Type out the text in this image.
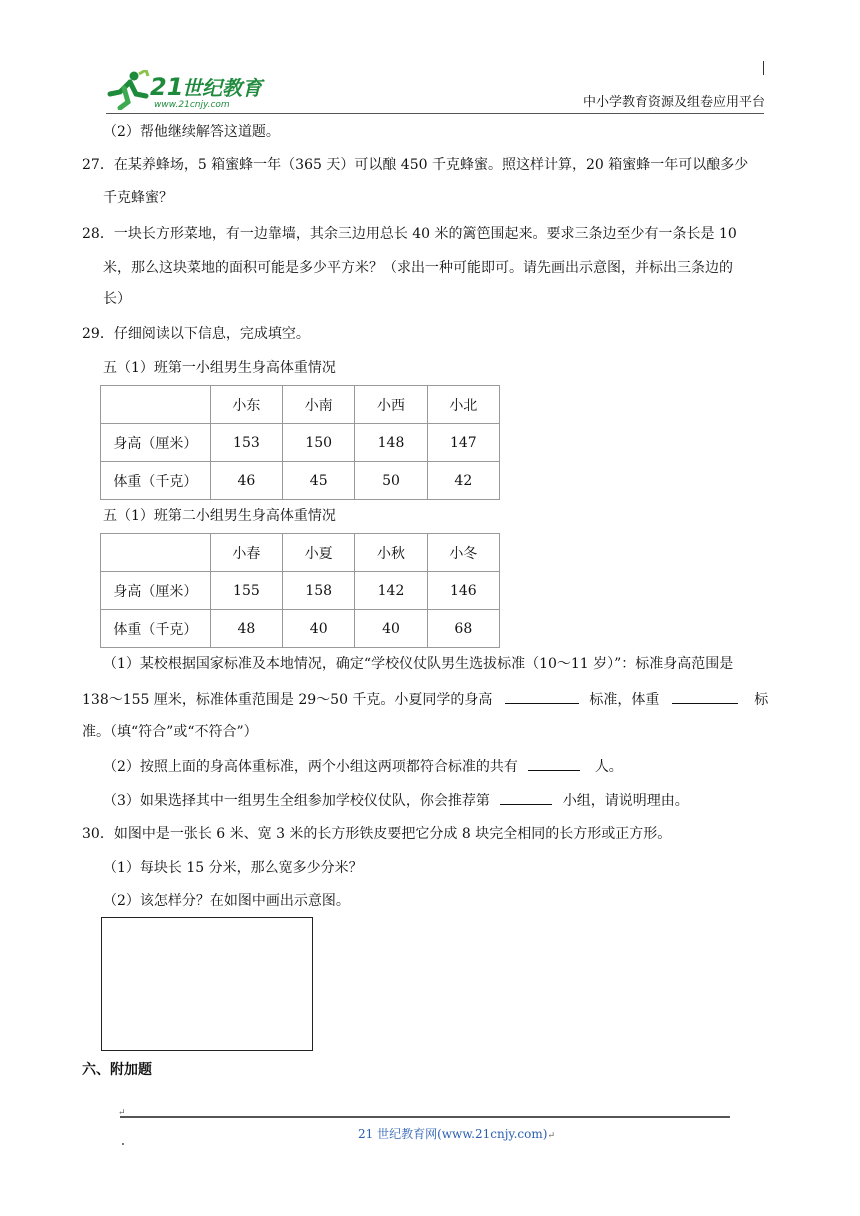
21
世纪教育
www.21cnjy.com	中小学教育资源及组卷应用平台
（2）帮他继续解答这道题。
27．在某养蜂场，5 箱蜜蜂一年（365 天）可以酿 450 千克蜂蜜。照这样计算，20 箱蜜蜂一年可以酿多少
千克蜂蜜？
28．一块长方形菜地，有一边靠墙，其余三边用总长 40 米的篱笆围起来。要求三条边至少有一条长是 10
米，那么这块菜地的面积可能是多少平方米？（求出一种可能即可。请先画出示意图，并标出三条边的
长）
29．仔细阅读以下信息，完成填空。
五（1）班第一小组男生身高体重情况
	小东	小南	小西	小北
身高（厘米）	153	150	148	147
体重（千克）	46	45	50	42
五（1）班第二小组男生身高体重情况
	小春	小夏	小秋	小冬
身高（厘米）	155	158	142	146
体重（千克）	48	40	40	68
（1）某校根据国家标准及本地情况，确定“学校仪仗队男生选拔标准（10～11 岁）”：标准身高范围是
138～155 厘米，标准体重范围是 29～50 千克。小夏同学的身高	标准，体重	标
准。（填“符合”或“不符合”）
（2）按照上面的身高体重标准，两个小组这两项都符合标准的共有	人。
（3）如果选择其中一组男生全组参加学校仪仗队，你会推荐第	小组，请说明理由。
30．如图中是一张长 6 米、宽 3 米的长方形铁皮要把它分成 8 块完全相同的长方形或正方形。
（1）每块长 15 分米，那么宽多少分米？
（2）该怎样分？在如图中画出示意图。
六、附加题
↵
21 世纪教育网(www.21cnjy.com)↵
